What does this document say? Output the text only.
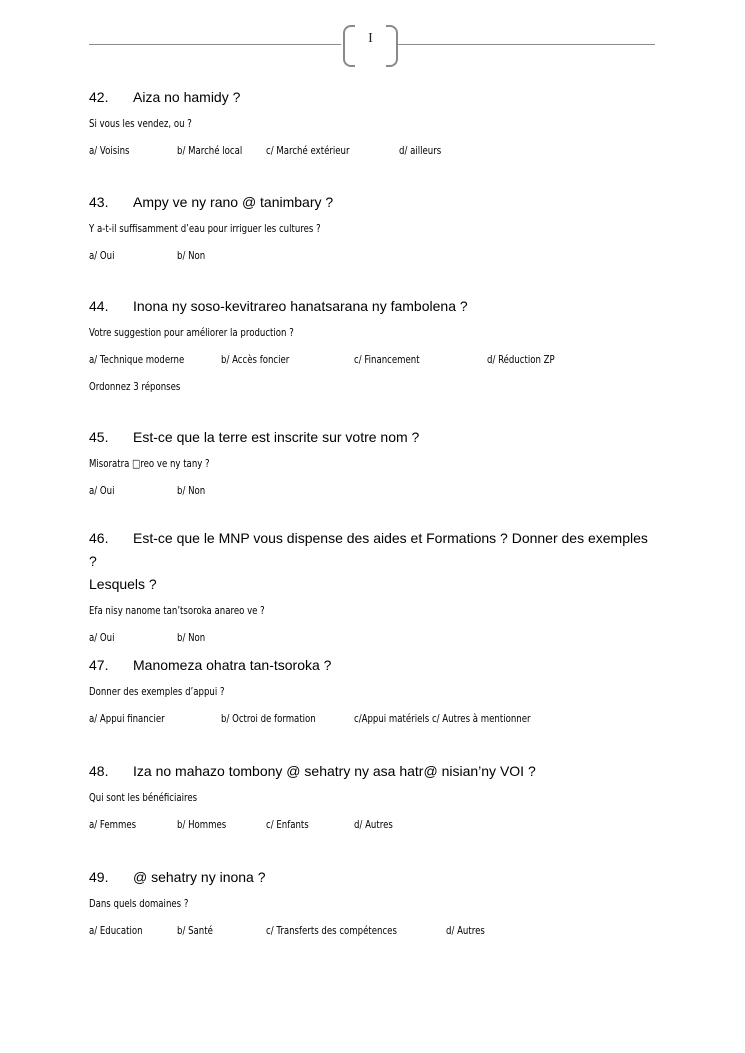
I
42. Aiza no hamidy ?
Si vous les vendez, ou ?
a/ Voisins	b/ Marché local c/ Marché extérieur	d/ ailleurs
43. Ampy ve ny rano @ tanimbary ?
Y a-t-il suffisamment d’eau pour irriguer les cultures ?
a/ Oui	b/ Non
44. Inona ny soso-kevitrareo hanatsarana ny fambolena ?
Votre suggestion pour améliorer la production ?
a/ Technique moderne	b/ Accès foncier	c/ Financement	d/ Réduction ZP
Ordonnez 3 réponses
45. Est-ce que la terre est inscrite sur votre nom ?
Misoratra □reo ve ny tany ?
a/ Oui	b/ Non
46. Est-ce que le MNP vous dispense des aides et Formations ? Donner des exemples ?
Lesquels ?
Efa nisy nanome tan’tsoroka anareo ve ?
a/ Oui	b/ Non
47. Manomeza ohatra tan-tsoroka ?
Donner des exemples d’appui ?
a/ Appui financier	b/ Octroi de formation	c/Appui matériels c/ Autres à mentionner
48. Iza no mahazo tombony @ sehatry ny asa hatr@ nisian’ny VOI ?
Qui sont les bénéficiaires
a/ Femmes	b/ Hommes	c/ Enfants	d/ Autres
49. @ sehatry ny inona ?
Dans quels domaines ?
a/ Education	b/ Santé	c/ Transferts des compétences	d/ Autres
